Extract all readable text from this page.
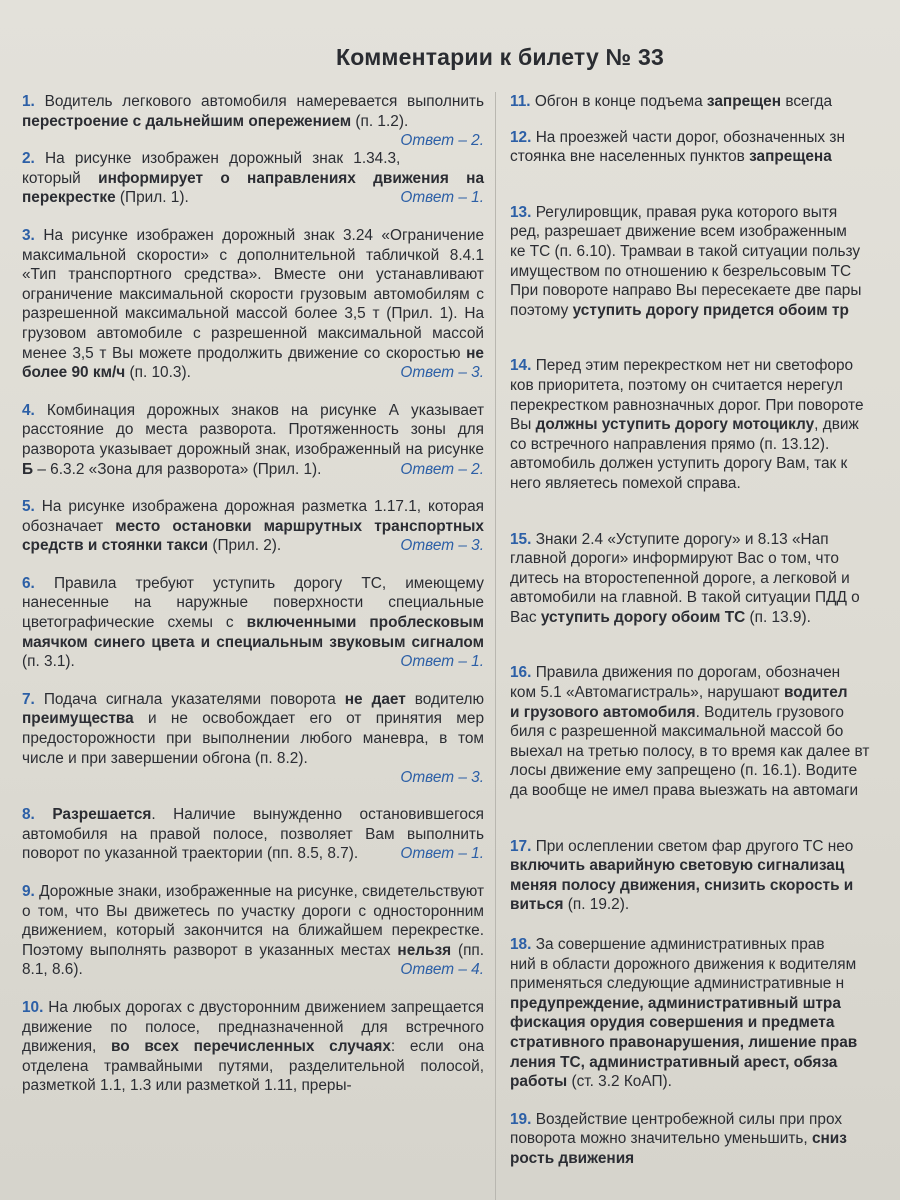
Комментарии к билету № 33
1. Водитель легкового автомобиля намеревается выполнить перестроение с дальнейшим опережением (п. 1.2).
Ответ – 2.
2. На рисунке изображен дорожный знак 1.34.3, который информирует о направлениях движения на перекрестке (Прил. 1).	Ответ – 1.
3. На рисунке изображен дорожный знак 3.24 «Ограничение максимальной скорости» с дополнительной табличкой 8.4.1 «Тип транспортного средства». Вместе они устанавливают ограничение максимальной скорости грузовым автомобилям с разрешенной максимальной массой более 3,5 т (Прил. 1). На грузовом автомобиле с разрешенной максимальной массой менее 3,5 т Вы можете продолжить движение со скоростью не более 90 км/ч (п. 10.3).	Ответ – 3.
4. Комбинация дорожных знаков на рисунке А указывает расстояние до места разворота. Протяженность зоны для разворота указывает дорожный знак, изображенный на рисунке Б – 6.3.2 «Зона для разворота» (Прил. 1).	Ответ – 2.
5. На рисунке изображена дорожная разметка 1.17.1, которая обозначает место остановки маршрутных транспортных средств и стоянки такси (Прил. 2).	Ответ – 3.
6. Правила требуют уступить дорогу ТС, имеющему нанесенные на наружные поверхности специальные цветографические схемы с включенными проблесковым маячком синего цвета и специальным звуковым сигналом (п. 3.1).	Ответ – 1.
7. Подача сигнала указателями поворота не дает водителю преимущества и не освобождает его от принятия мер предосторожности при выполнении любого маневра, в том числе и при завершении обгона (п. 8.2).
Ответ – 3.
8. Разрешается. Наличие вынужденно остановившегося автомобиля на правой полосе, позволяет Вам выполнить поворот по указанной траектории (пп. 8.5, 8.7).	Ответ – 1.
9. Дорожные знаки, изображенные на рисунке, свидетельствуют о том, что Вы движетесь по участку дороги с односторонним движением, который закончится на ближайшем перекрестке. Поэтому выполнять разворот в указанных местах нельзя (пп. 8.1, 8.6).	Ответ – 4.
10. На любых дорогах с двусторонним движением запрещается движение по полосе, предназначенной для встречного движения, во всех перечисленных случаях: если она отделена трамвайными путями, разделительной полосой, разметкой 1.1, 1.3 или разметкой 1.11, преры-
11. Обгон в конце подъема запрещен всегда
12. На проезжей части дорог, обозначенных зн
стоянка вне населенных пунктов запрещена
13. Регулировщик, правая рука которого вытя
ред, разрешает движение всем изображенным
ке ТС (п. 6.10). Трамваи в такой ситуации пользу
имуществом по отношению к безрельсовым ТС
При повороте направо Вы пересекаете две пары
поэтому уступить дорогу придется обоим тр
14. Перед этим перекрестком нет ни светофоро
ков приоритета, поэтому он считается нерегул
перекрестком равнозначных дорог. При повороте
Вы должны уступить дорогу мотоциклу, движ
со встречного направления прямо (п. 13.12).
автомобиль должен уступить дорогу Вам, так к
него являетесь помехой справа.
15. Знаки 2.4 «Уступите дорогу» и 8.13 «Нап
главной дороги» информируют Вас о том, что
дитесь на второстепенной дороге, а легковой и
автомобили на главной. В такой ситуации ПДД о
Вас уступить дорогу обоим ТС (п. 13.9).
16. Правила движения по дорогам, обозначен
ком 5.1 «Автомагистраль», нарушают водител
и грузового автомобиля. Водитель грузового
биля с разрешенной максимальной массой бо
выехал на третью полосу, в то время как далее вт
лосы движение ему запрещено (п. 16.1). Водите
да вообще не имел права выезжать на автомаги
17. При ослеплении светом фар другого ТС нео
включить аварийную световую сигнализац
меняя полосу движения, снизить скорость и
виться (п. 19.2).
18. За совершение административных прав
ний в области дорожного движения к водителям
применяться следующие административные н
предупреждение, административный штра
фискация орудия совершения и предмета
стративного правонарушения, лишение прав
ления ТС, административный арест, обяза
работы (ст. 3.2 КоАП).
19. Воздействие центробежной силы при прох
поворота можно значительно уменьшить, сниз
рость движения
